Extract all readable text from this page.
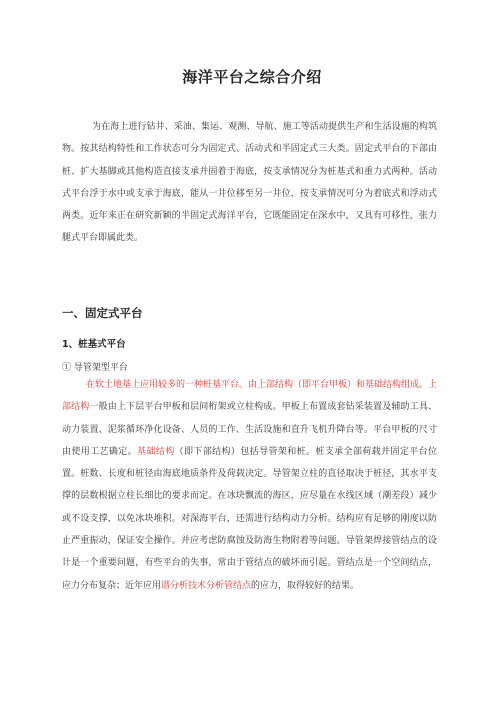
海洋平台之综合介绍

为在海上进行钻井、采油、集运、观测、导航、施工等活动提供生产和生活设施的构筑物。按其结构特性和工作状态可分为固定式、活动式和半固定式三大类。固定式平台的下部由桩、扩大基脚或其他构造直接支承并固着于海底，按支承情况分为桩基式和重力式两种。活动式平台浮于水中或支承于海底，能从一井位移至另一井位，按支承情况可分为着底式和浮动式两类。近年来正在研究新颖的半固定式海洋平台，它既能固定在深水中，又具有可移性，张力腿式平台即属此类。

一、固定式平台
1、桩基式平台
① 导管架型平台

在软土地基上应用较多的一种桩基平台。由上部结构（即平台甲板）和基础结构组成。上部结构一般由上下层平台甲板和层间桁架或立柱构成。甲板上布置成套钻采装置及辅助工具、动力装置、泥浆循环净化设备、人员的工作、生活设施和直升飞机升降台等。平台甲板的尺寸由使用工艺确定。基础结构（即下部结构）包括导管架和桩。桩支承全部荷载并固定平台位置。桩数、长度和桩径由海底地质条件及荷载决定。导管架立柱的直径取决于桩径，其水平支撑的层数根据立柱长细比的要求而定。在冰块飘流的海区，应尽量在水线区域（潮差段）减少或不设支撑，以免冰块堆积。对深海平台，还需进行结构动力分析。结构应有足够的刚度以防止严重振动，保证安全操作。并应考虑防腐蚀及防海生物附着等问题。导管架焊接管结点的设计是一个重要问题，有些平台的失事，常由于管结点的破坏而引起。管结点是一个空间结点，应力分布复杂；近年应用谱分析技术分析管结点的应力，取得较好的结果。
